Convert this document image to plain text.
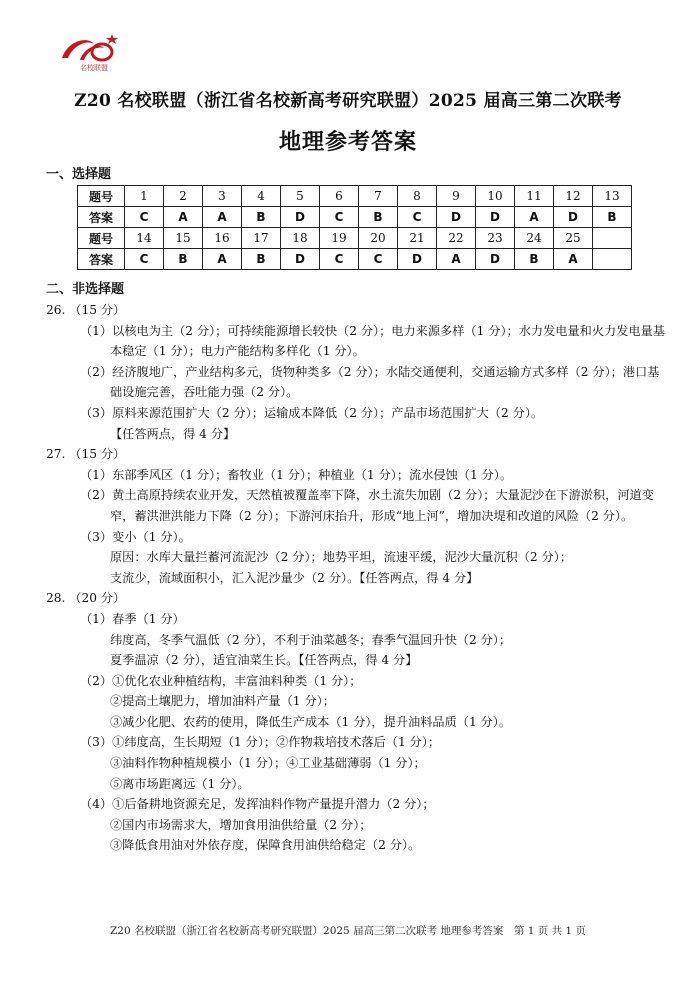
名校联盟
Z20 名校联盟（浙江省名校新高考研究联盟）2025 届高三第二次联考
地理参考答案
一、选择题
题号	1	2	3	4	5	6	7	8	9	10	11	12	13
答案	C	A	A	B	D	C	B	C	D	D	A	D	B
题号	14	15	16	17	18	19	20	21	22	23	24	25	
答案	C	B	A	B	D	C	C	D	A	D	B	A	
二、非选择题
26. （15 分）
（1）以核电为主（2 分）；可持续能源增长较快（2 分）；电力来源多样（1 分）；水力发电量和火力发电量基本稳定（1 分）；电力产能结构多样化（1 分）。
（2）经济腹地广，产业结构多元，货物种类多（2 分）；水陆交通便利，交通运输方式多样（2 分）；港口基础设施完善，吞吐能力强（2 分）。
（3）原料来源范围扩大（2 分）；运输成本降低（2 分）；产品市场范围扩大（2 分）。
【任答两点，得 4 分】
27. （15 分）
（1）东部季风区（1 分）；畜牧业（1 分）；种植业（1 分）；流水侵蚀（1 分）。
（2）黄土高原持续农业开发，天然植被覆盖率下降，水土流失加剧（2 分）；大量泥沙在下游淤积，河道变窄，蓄洪泄洪能力下降（2 分）；下游河床抬升，形成“地上河”，增加决堤和改道的风险（2 分）。
（3）变小（1 分）。
原因：水库大量拦蓄河流泥沙（2 分）；地势平坦，流速平缓，泥沙大量沉积（2 分）；
支流少，流域面积小，汇入泥沙量少（2 分）。【任答两点，得 4 分】
28. （20 分）
（1）春季（1 分）
纬度高，冬季气温低（2 分），不利于油菜越冬；春季气温回升快（2 分）；
夏季温凉（2 分），适宜油菜生长。【任答两点，得 4 分】
（2）①优化农业种植结构，丰富油料种类（1 分）；
②提高土壤肥力，增加油料产量（1 分）；
③减少化肥、农药的使用，降低生产成本（1 分），提升油料品质（1 分）。
（3）①纬度高，生长期短（1 分）；②作物栽培技术落后（1 分）；
③油料作物种植规模小（1 分）；④工业基础薄弱（1 分）；
⑤离市场距离远（1 分）。
（4）①后备耕地资源充足，发挥油料作物产量提升潜力（2 分）；
②国内市场需求大，增加食用油供给量（2 分）；
③降低食用油对外依存度，保障食用油供给稳定（2 分）。
Z20 名校联盟（浙江省名校新高考研究联盟）2025 届高三第二次联考 地理参考答案　第 1 页 共 1 页
